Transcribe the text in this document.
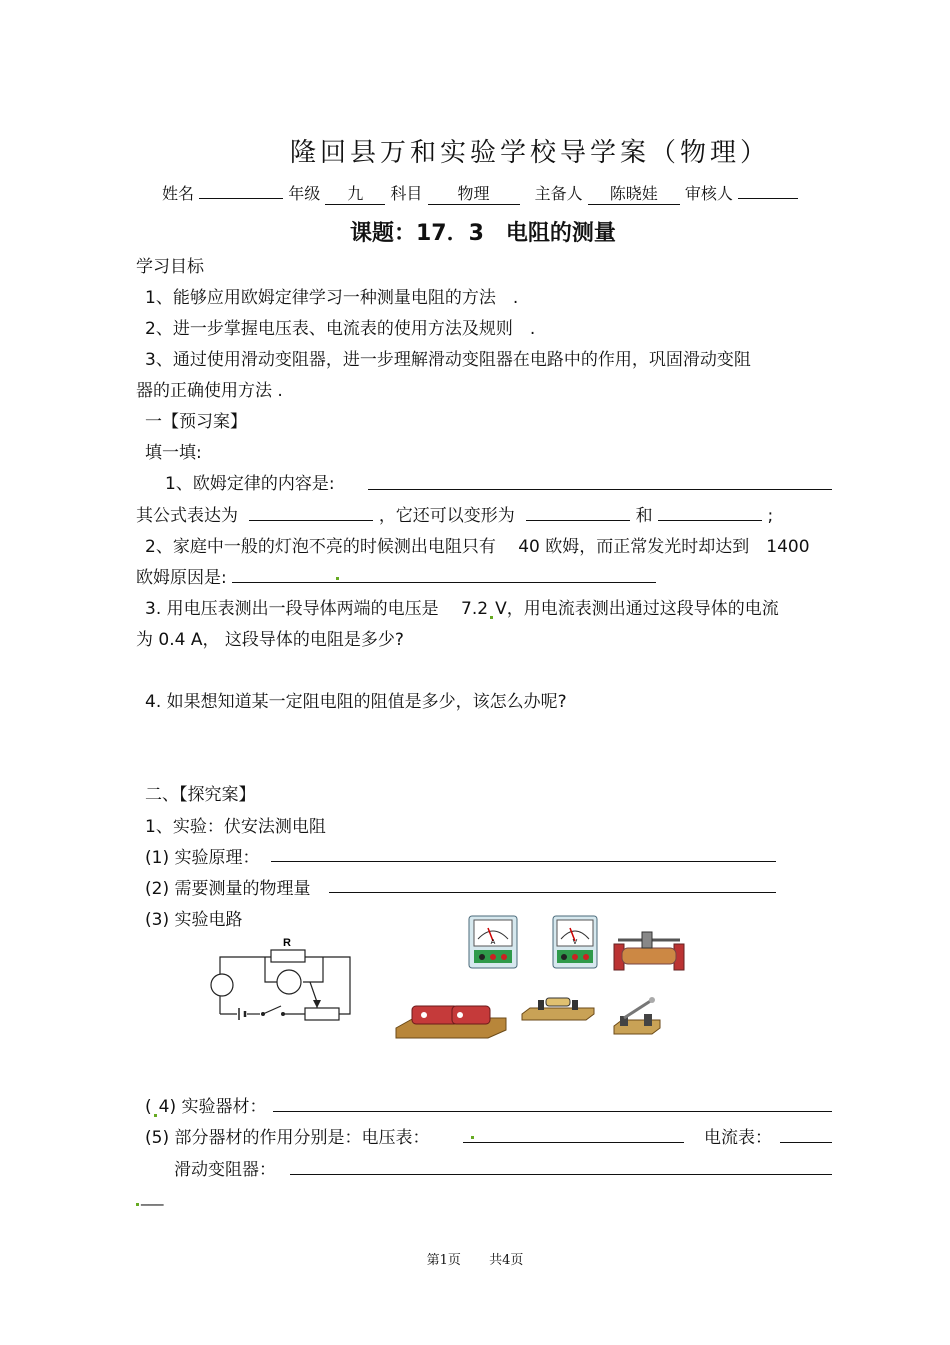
隆回县万和实验学校导学案（物理）
姓名	年级 九 科目 物理	主备人 陈晓娃 审核人
课题：17．3　电阻的测量
学习目标
1、能够应用欧姆定律学习一种测量电阻的方法　.
2、进一步掌握电压表、电流表的使用方法及规则　.
3、通过使用滑动变阻器，进一步理解滑动变阻器在电路中的作用，巩固滑动变阻
器的正确使用方法 .
一【预习案】
填一填:
1、欧姆定律的内容是:
其公式表达为	，它还可以变形为	和	;
2、家庭中一般的灯泡不亮的时候测出电阻只有　 40 欧姆，而正常发光时却达到　1400
欧姆原因是:
3. 用电压表测出一段导体两端的电压是　 7.2 V，用电流表测出通过这段导体的电流
为 0.4 A， 这段导体的电阻是多少?
4. 如果想知道某一定阻电阻的阻值是多少，该怎么办呢?
二、【探究案】
1、实验：伏安法测电阻
(1) 实验原理：
(2) 需要测量的物理量
(3) 实验电路
R	A	V
( 4) 实验器材：
(5) 部分器材的作用分别是：电压表：	电流表：
滑动变阻器：
___
第1页 共4页
